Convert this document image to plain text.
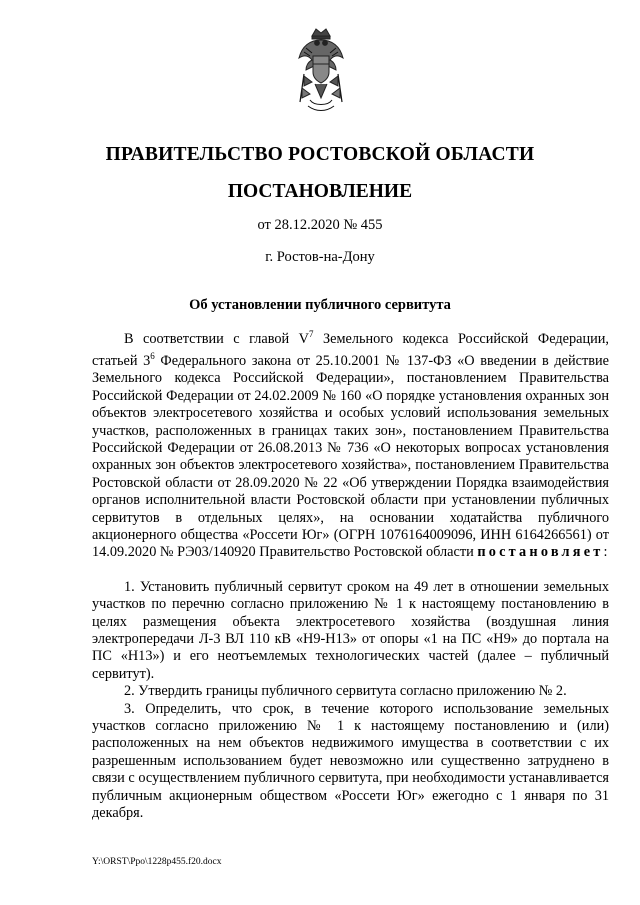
ПРАВИТЕЛЬСТВО РОСТОВСКОЙ ОБЛАСТИ
ПОСТАНОВЛЕНИЕ
от 28.12.2020 № 455
г. Ростов-на-Дону
Об установлении публичного сервитута

В соответствии с главой $V^7$ Земельного кодекса Российской Федерации, статьей $3^6$ Федерального закона от 25.10.2001 № 137-ФЗ «О введении в действие Земельного кодекса Российской Федерации», постановлением Правительства Российской Федерации от 24.02.2009 № 160 «О порядке установления охранных зон объектов электросетевого хозяйства и особых условий использования земельных участков, расположенных в границах таких зон», постановлением Правительства Российской Федерации от 26.08.2013 № 736 «О некоторых вопросах установления охранных зон объектов электросетевого хозяйства», постановлением Правительства Ростовской области от 28.09.2020 № 22 «Об утверждении Порядка взаимодействия органов исполнительной власти Ростовской области при установлении публичных сервитутов в отдельных целях», на основании ходатайства публичного акционерного общества «Россети Юг» (ОГРН 1076164009096, ИНН 6164266561) от 14.09.2020 № РЭ03/140920 Правительство Ростовской области постановляет:

1. Установить публичный сервитут сроком на 49 лет в отношении земельных участков по перечню согласно приложению № 1 к настоящему постановлению в целях размещения объекта электросетевого хозяйства (воздушная линия электропередачи Л-3 ВЛ 110 кВ «Н9-Н13» от опоры «1 на ПС «Н9» до портала на ПС «Н13») и его неотъемлемых технологических частей (далее – публичный сервитут).

2. Утвердить границы публичного сервитута согласно приложению № 2.

3. Определить, что срок, в течение которого использование земельных участков согласно приложению № 1 к настоящему постановлению и (или) расположенных на нем объектов недвижимого имущества в соответствии с их разрешенным использованием будет невозможно или существенно затруднено в связи с осуществлением публичного сервитута, при необходимости устанавливается публичным акционерным обществом «Россети Юг» ежегодно с 1 января по 31 декабря.

Y:\ORST\Ppo\1228p455.f20.docx
